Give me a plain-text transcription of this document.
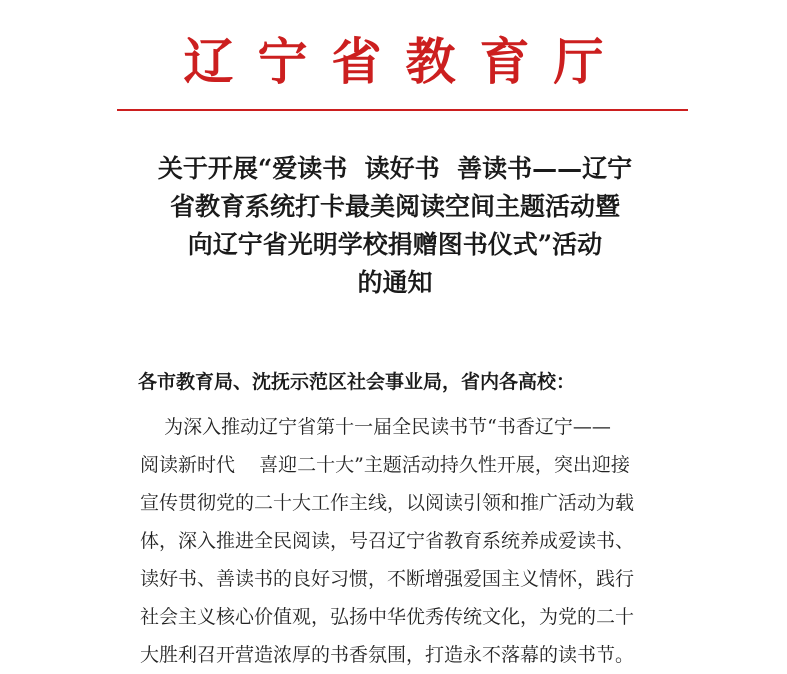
辽宁省教育厅
关于开展“爱读书  读好书  善读书——辽宁
省教育系统打卡最美阅读空间主题活动暨
向辽宁省光明学校捐赠图书仪式”活动
的通知
各市教育局、沈抚示范区社会事业局，省内各高校：
为深入推动辽宁省第十一届全民读书节“书香辽宁——
阅读新时代    喜迎二十大”主题活动持久性开展，突出迎接
宣传贯彻党的二十大工作主线，以阅读引领和推广活动为载
体，深入推进全民阅读，号召辽宁省教育系统养成爱读书、
读好书、善读书的良好习惯，不断增强爱国主义情怀，践行
社会主义核心价值观，弘扬中华优秀传统文化，为党的二十
大胜利召开营造浓厚的书香氛围，打造永不落幕的读书节。
